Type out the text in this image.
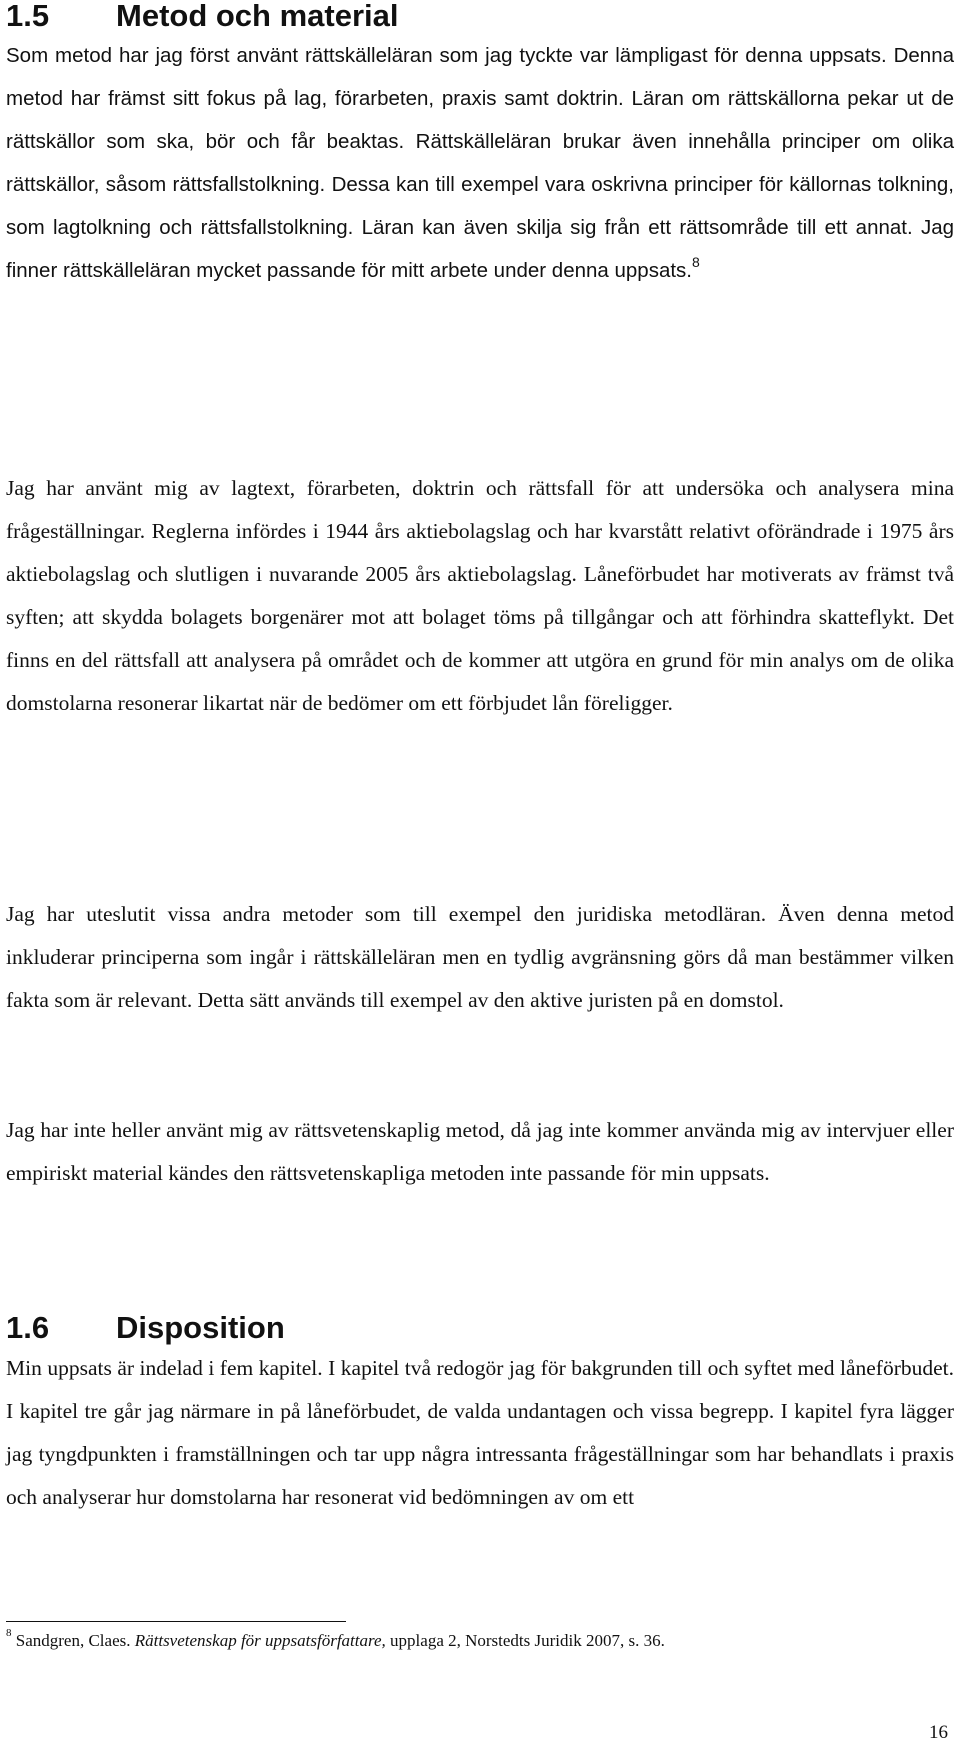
1.5 Metod och material

Som metod har jag först använt rättskälleläran som jag tyckte var lämpligast för denna uppsats. Denna metod har främst sitt fokus på lag, förarbeten, praxis samt doktrin. Läran om rättskällorna pekar ut de rättskällor som ska, bör och får beaktas. Rättskälleläran brukar även innehålla principer om olika rättskällor, såsom rättsfallstolkning. Dessa kan till exempel vara oskrivna principer för källornas tolkning, som lagtolkning och rättsfallstolkning. Läran kan även skilja sig från ett rättsområde till ett annat. Jag finner rättskälleläran mycket passande för mitt arbete under denna uppsats.$^8$

Jag har använt mig av lagtext, förarbeten, doktrin och rättsfall för att undersöka och analysera mina frågeställningar. Reglerna infördes i 1944 års aktiebolagslag och har kvarstått relativt oförändrade i 1975 års aktiebolagslag och slutligen i nuvarande 2005 års aktiebolagslag. Låneförbudet har motiverats av främst två syften; att skydda bolagets borgenärer mot att bolaget töms på tillgångar och att förhindra skatteflykt. Det finns en del rättsfall att analysera på området och de kommer att utgöra en grund för min analys om de olika domstolarna resonerar likartat när de bedömer om ett förbjudet lån föreligger.

Jag har uteslutit vissa andra metoder som till exempel den juridiska metodläran. Även denna metod inkluderar principerna som ingår i rättskälleläran men en tydlig avgränsning görs då man bestämmer vilken fakta som är relevant. Detta sätt används till exempel av den aktive juristen på en domstol.

Jag har inte heller använt mig av rättsvetenskaplig metod, då jag inte kommer använda mig av intervjuer eller empiriskt material kändes den rättsvetenskapliga metoden inte passande för min uppsats.

1.6 Disposition

Min uppsats är indelad i fem kapitel. I kapitel två redogör jag för bakgrunden till och syftet med låneförbudet. I kapitel tre går jag närmare in på låneförbudet, de valda undantagen och vissa begrepp. I kapitel fyra lägger jag tyngdpunkten i framställningen och tar upp några intressanta frågeställningar som har behandlats i praxis och analyserar hur domstolarna har resonerat vid bedömningen av om ett

$^8$ Sandgren, Claes. Rättsvetenskap för uppsatsförfattare, upplaga 2, Norstedts Juridik 2007, s. 36.
16
